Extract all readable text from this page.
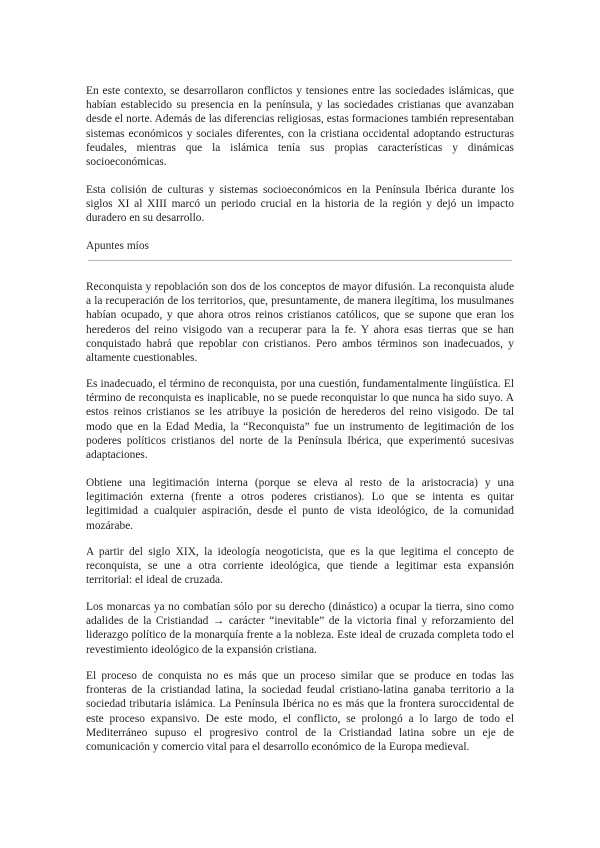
En este contexto, se desarrollaron conflictos y tensiones entre las sociedades islámicas, que habían establecido su presencia en la península, y las sociedades cristianas que avanzaban desde el norte. Además de las diferencias religiosas, estas formaciones también representaban sistemas económicos y sociales diferentes, con la cristiana occidental adoptando estructuras feudales, mientras que la islámica tenía sus propias características y dinámicas socioeconómicas.

Esta colisión de culturas y sistemas socioeconómicos en la Península Ibérica durante los siglos XI al XIII marcó un periodo crucial en la historia de la región y dejó un impacto duradero en su desarrollo.

Apuntes míos

Reconquista y repoblación son dos de los conceptos de mayor difusión. La reconquista alude a la recuperación de los territorios, que, presuntamente, de manera ilegítima, los musulmanes habían ocupado, y que ahora otros reinos cristianos católicos, que se supone que eran los herederos del reino visigodo van a recuperar para la fe. Y ahora esas tierras que se han conquistado habrá que repoblar con cristianos. Pero ambos términos son inadecuados, y altamente cuestionables.

Es inadecuado, el término de reconquista, por una cuestión, fundamentalmente lingüística. El término de reconquista es inaplicable, no se puede reconquistar lo que nunca ha sido suyo. A estos reinos cristianos se les atribuye la posición de herederos del reino visigodo. De tal modo que en la Edad Media, la “Reconquista” fue un instrumento de legitimación de los poderes políticos cristianos del norte de la Península Ibérica, que experimentó sucesivas adaptaciones.

Obtiene una legitimación interna (porque se eleva al resto de la aristocracia) y una legitimación externa (frente a otros poderes cristianos). Lo que se intenta es quitar legitimidad a cualquier aspiración, desde el punto de vista ideológico, de la comunidad mozárabe.

A partir del siglo XIX, la ideología neogoticista, que es la que legitima el concepto de reconquista, se une a otra corriente ideológica, que tiende a legitimar esta expansión territorial: el ideal de cruzada.

Los monarcas ya no combatían sólo por su derecho (dinástico) a ocupar la tierra, sino como adalides de la Cristiandad → carácter “inevitable” de la victoria final y reforzamiento del liderazgo político de la monarquía frente a la nobleza. Este ideal de cruzada completa todo el revestimiento ideológico de la expansión cristiana.

El proceso de conquista no es más que un proceso similar que se produce en todas las fronteras de la cristiandad latina, la sociedad feudal cristiano-latina ganaba territorio a la sociedad tributaria islámica. La Península Ibérica no es más que la frontera suroccidental de este proceso expansivo. De este modo, el conflicto, se prolongó a lo largo de todo el Mediterráneo supuso el progresivo control de la Cristiandad latina sobre un eje de comunicación y comercio vital para el desarrollo económico de la Europa medieval.
